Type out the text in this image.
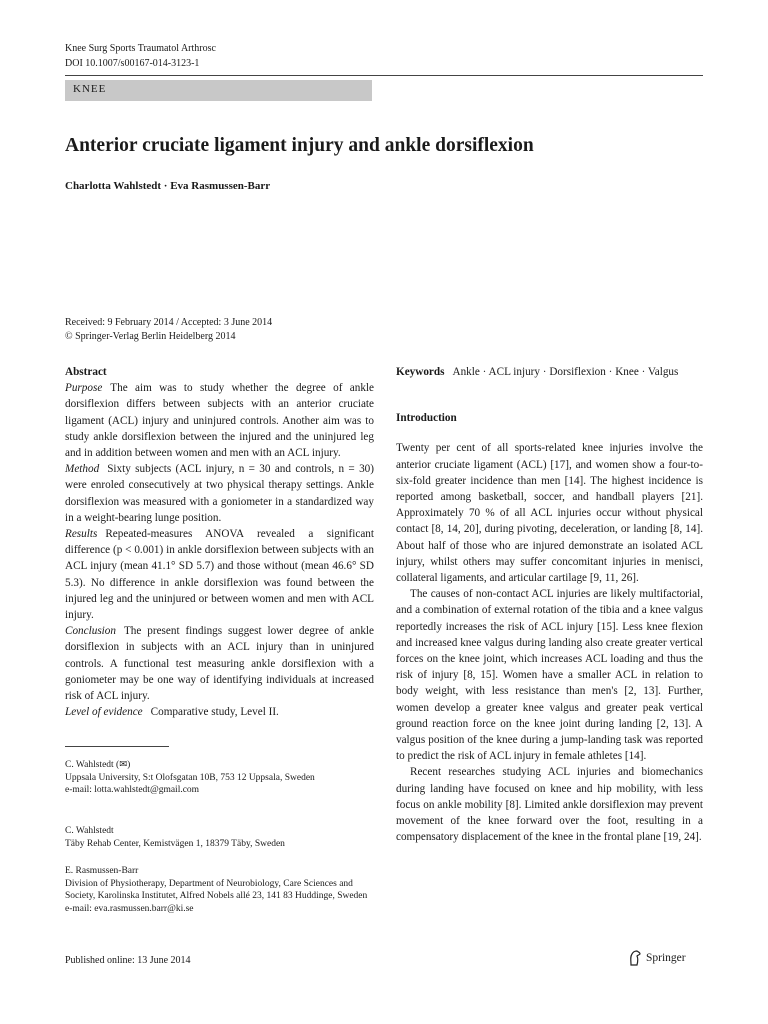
Knee Surg Sports Traumatol Arthrosc
DOI 10.1007/s00167-014-3123-1
KNEE
Anterior cruciate ligament injury and ankle dorsiflexion
Charlotta Wahlstedt · Eva Rasmussen-Barr
Received: 9 February 2014 / Accepted: 3 June 2014
© Springer-Verlag Berlin Heidelberg 2014

Abstract

Purpose The aim was to study whether the degree of ankle dorsiflexion differs between subjects with an anterior cruciate ligament (ACL) injury and uninjured controls. Another aim was to study ankle dorsiflexion between the injured and the uninjured leg and in addition between women and men with an ACL injury.

Method Sixty subjects (ACL injury, n = 30 and controls, n = 30) were enroled consecutively at two physical therapy settings. Ankle dorsiflexion was measured with a goniometer in a standardized way in a weight-bearing lunge position.

Results Repeated-measures ANOVA revealed a significant difference (p < 0.001) in ankle dorsiflexion between subjects with an ACL injury (mean 41.1° SD 5.7) and those without (mean 46.6° SD 5.3). No difference in ankle dorsiflexion was found between the injured leg and the uninjured or between women and men with ACL injury.

Conclusion The present findings suggest lower degree of ankle dorsiflexion in subjects with an ACL injury than in uninjured controls. A functional test measuring ankle dorsiflexion with a goniometer may be one way of identifying individuals at increased risk of ACL injury.

Level of evidence Comparative study, Level II.

C. Wahlstedt (✉)

Uppsala University, S:t Olofsgatan 10B, 753 12 Uppsala, Sweden

e-mail: lotta.wahlstedt@gmail.com

C. Wahlstedt

Täby Rehab Center, Kemistvägen 1, 18379 Täby, Sweden

E. Rasmussen-Barr

Division of Physiotherapy, Department of Neurobiology, Care Sciences and Society, Karolinska Institutet, Alfred Nobels allé 23, 141 83 Huddinge, Sweden

e-mail: eva.rasmussen.barr@ki.se

Keywords Ankle · ACL injury · Dorsiflexion · Knee · Valgus

Introduction

Twenty per cent of all sports-related knee injuries involve the anterior cruciate ligament (ACL) [17], and women show a four-to-six-fold greater incidence than men [14]. The highest incidence is reported among basketball, soccer, and handball players [21]. Approximately 70 % of all ACL injuries occur without physical contact [8, 14, 20], during pivoting, deceleration, or landing [8, 14]. About half of those who are injured demonstrate an isolated ACL injury, whilst others may suffer concomitant injuries in menisci, collateral ligaments, and articular cartilage [9, 11, 26].

The causes of non-contact ACL injuries are likely multifactorial, and a combination of external rotation of the tibia and a knee valgus reportedly increases the risk of ACL injury [15]. Less knee flexion and increased knee valgus during landing also create greater vertical forces on the knee joint, which increases ACL loading and thus the risk of injury [8, 15]. Women have a smaller ACL in relation to body weight, with less resistance than men's [2, 13]. Further, women develop a greater knee valgus and greater peak vertical ground reaction force on the knee joint during landing [2, 13]. A valgus position of the knee during a jump-landing task was reported to predict the risk of ACL injury in female athletes [14].

Recent researches studying ACL injuries and biomechanics during landing have focused on knee and hip mobility, with less focus on ankle mobility [8]. Limited ankle dorsiflexion may prevent movement of the knee forward over the foot, resulting in a compensatory displacement of the knee in the frontal plane [19, 24].

Published online: 13 June 2014	Springer
